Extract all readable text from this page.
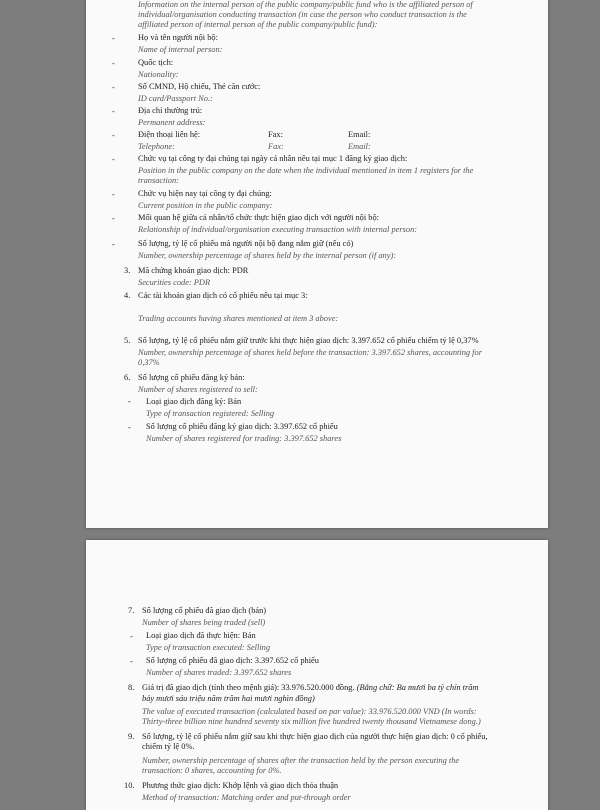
Information on the internal person of the public company/public fund who is the affiliated person of
individual/organisation conducting transaction (in case the person who conduct transaction is the
affiliated person of internal person of the public company/public fund):
-	Họ và tên người nội bộ:
Name of internal person:
-	Quốc tịch:
Nationality:
-	Số CMND, Hộ chiếu, Thẻ căn cước:
ID card/Passport No.:
-	Địa chỉ thường trú:
Permanent address:
-	Điện thoại liên hệ:	Fax:	Email:
Telephone:	Fax:	Email:
-	Chức vụ tại công ty đại chúng tại ngày cá nhân nêu tại mục 1 đăng ký giao dịch:
Position in the public company on the date when the individual mentioned in item 1 registers for the
transaction:
-	Chức vụ hiện nay tại công ty đại chúng:
Current position in the public company:
-	Mối quan hệ giữa cá nhân/tổ chức thực hiện giao dịch với người nội bộ:
Relationship of individual/organisation executing transaction with internal person:
-	Số lượng, tỷ lệ cổ phiếu mà người nội bộ đang nắm giữ (nếu có)
Number, ownership percentage of shares held by the internal person (if any):
3. Mã chứng khoán giao dịch: PDR
Securities code: PDR
4. Các tài khoản giao dịch có cổ phiếu nêu tại mục 3:
Trading accounts having shares mentioned at item 3 above:
5. Số lượng, tỷ lệ cổ phiếu nắm giữ trước khi thực hiện giao dịch: 3.397.652 cổ phiếu chiếm tỷ lệ 0,37%
Number, ownership percentage of shares held before the transaction: 3.397.652 shares, accounting for
0,37%
6. Số lượng cổ phiếu đăng ký bán:
Number of shares registered to sell:
- Loại giao dịch đăng ký: Bán
Type of transaction registered: Selling
- Số lượng cổ phiếu đăng ký giao dịch: 3.397.652 cổ phiếu
Number of shares registered for trading: 3.397.652 shares
7. Số lượng cổ phiếu đã giao dịch (bán)
Number of shares being traded (sell)
- Loại giao dịch đã thực hiện: Bán
Type of transaction executed: Selling
- Số lượng cổ phiếu đã giao dịch: 3.397.652 cổ phiếu
Number of shares traded: 3.397.652 shares
8. Giá trị đã giao dịch (tính theo mệnh giá): 33.976.520.000 đồng. (Bằng chữ: Ba mươi ba tỷ chín trăm
bảy mươi sáu triệu năm trăm hai mươi nghìn đồng)
The value of executed transaction (calculated based on par value): 33.976.520.000 VND (In words:
Thirty-three billion nine hundred seventy six million five hundred twenty thousand Vietnamese dong.)
9. Số lượng, tỷ lệ cổ phiếu nắm giữ sau khi thực hiện giao dịch của người thực hiện giao dịch: 0 cổ phiếu,
chiếm tỷ lệ 0%.
Number, ownership percentage of shares after the transaction held by the person executing the
transaction: 0 shares, accounting for 0%.
10. Phương thức giao dịch: Khớp lệnh và giao dịch thỏa thuận
Method of transaction: Matching order and put-through order
